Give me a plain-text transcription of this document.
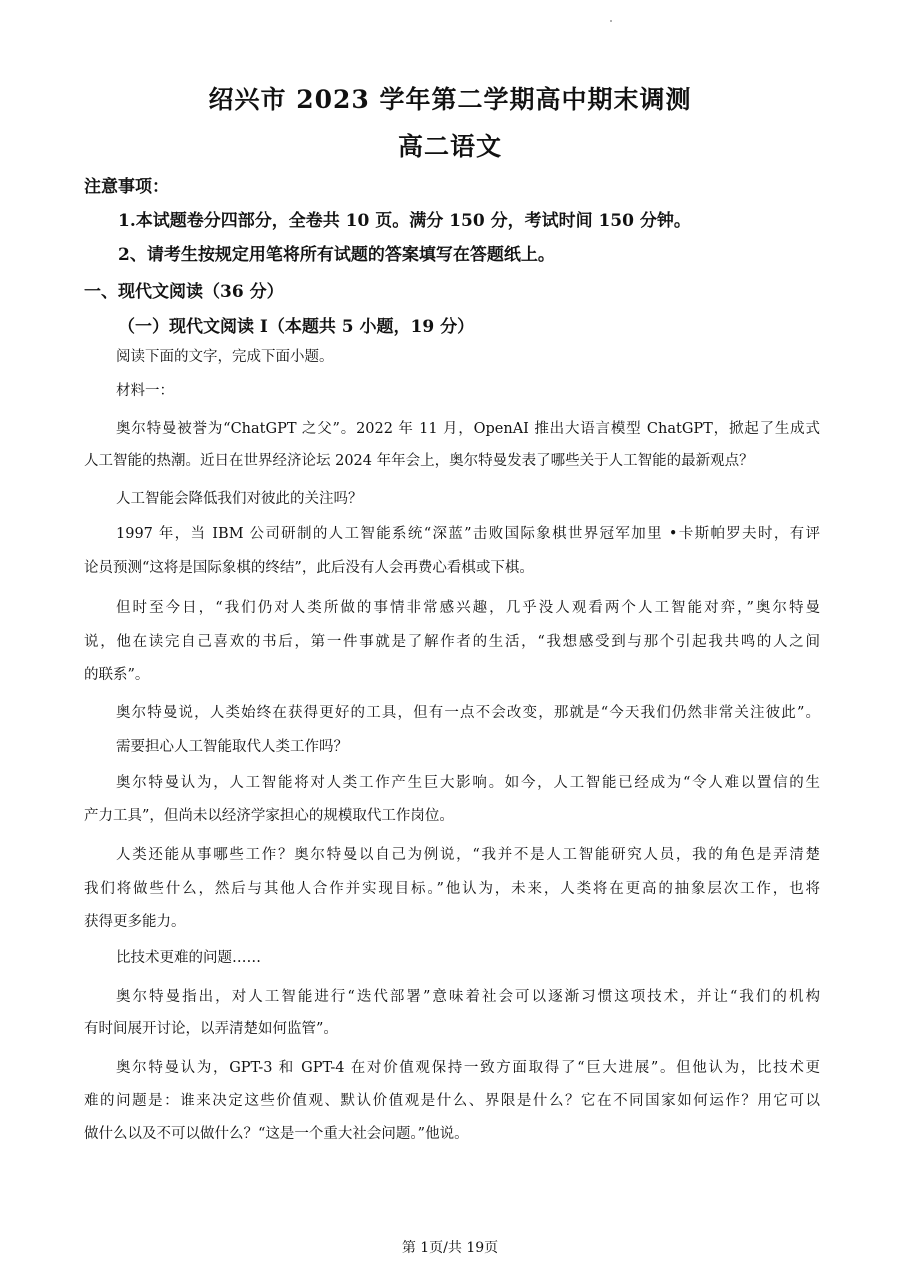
绍兴市 2023 学年第二学期高中期末调测
高二语文
注意事项：
1.本试题卷分四部分，全卷共 10 页。满分 150 分，考试时间 150 分钟。
2、请考生按规定用笔将所有试题的答案填写在答题纸上。
一、现代文阅读（36 分）
（一）现代文阅读 Ⅰ（本题共 5 小题，19 分）
阅读下面的文字，完成下面小题。
材料一：
奥尔特曼被誉为“ChatGPT 之父”。2022 年 11 月，OpenAI 推出大语言模型 ChatGPT，掀起了生成式
人工智能的热潮。近日在世界经济论坛 2024 年年会上，奥尔特曼发表了哪些关于人工智能的最新观点？
人工智能会降低我们对彼此的关注吗？
1997 年，当 IBM 公司研制的人工智能系统“深蓝”击败国际象棋世界冠军加里 •卡斯帕罗夫时，有评
论员预测“这将是国际象棋的终结”，此后没有人会再费心看棋或下棋。
但时至今日，“我们仍对人类所做的事情非常感兴趣，几乎没人观看两个人工智能对弈，”奥尔特曼
说，他在读完自己喜欢的书后，第一件事就是了解作者的生活，“我想感受到与那个引起我共鸣的人之间
的联系”。
奥尔特曼说，人类始终在获得更好的工具，但有一点不会改变，那就是“今天我们仍然非常关注彼此”。
需要担心人工智能取代人类工作吗？
奥尔特曼认为，人工智能将对人类工作产生巨大影响。如今，人工智能已经成为“令人难以置信的生
产力工具”，但尚未以经济学家担心的规模取代工作岗位。
人类还能从事哪些工作？奥尔特曼以自己为例说，“我并不是人工智能研究人员，我的角色是弄清楚
我们将做些什么，然后与其他人合作并实现目标。”他认为，未来，人类将在更高的抽象层次工作，也将
获得更多能力。
比技术更难的问题……
奥尔特曼指出，对人工智能进行“迭代部署”意味着社会可以逐渐习惯这项技术，并让“我们的机构
有时间展开讨论，以弄清楚如何监管”。
奥尔特曼认为，GPT-3 和 GPT-4 在对价值观保持一致方面取得了“巨大进展”。但他认为，比技术更
难的问题是：谁来决定这些价值观、默认价值观是什么、界限是什么？它在不同国家如何运作？用它可以
做什么以及不可以做什么？“这是一个重大社会问题。”他说。
第 1页/共 19页
